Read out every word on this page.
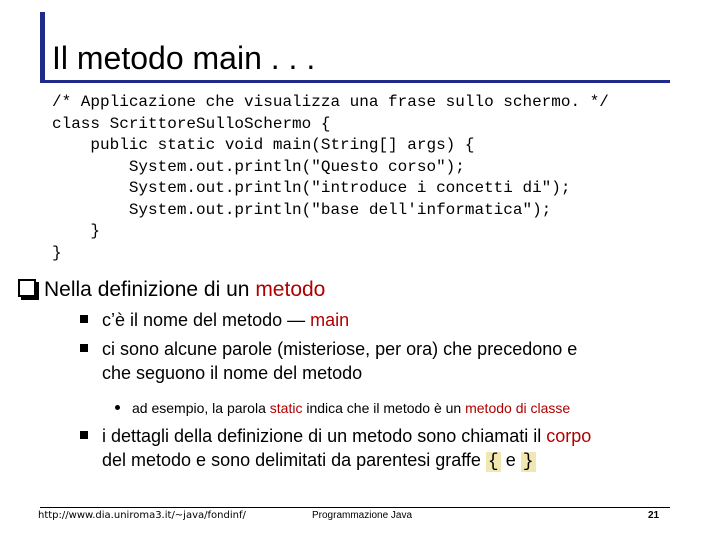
Il metodo main . . .
/* Applicazione che visualizza una frase sullo schermo. */
class ScrittoreSulloSchermo {
public static void main(String[] args) {
System.out.println("Questo corso");
System.out.println("introduce i concetti di");
System.out.println("base dell'informatica");
}
}
Nella definizione di un metodo
c’è il nome del metodo — main
ci sono alcune parole (misteriose, per ora) che precedono e
che seguono il nome del metodo
ad esempio, la parola static indica che il metodo è un metodo di classe
i dettagli della definizione di un metodo sono chiamati il corpo
del metodo e sono delimitati da parentesi graffe { e }
http://www.dia.uniroma3.it/~java/fondinf/	Programmazione Java	21
